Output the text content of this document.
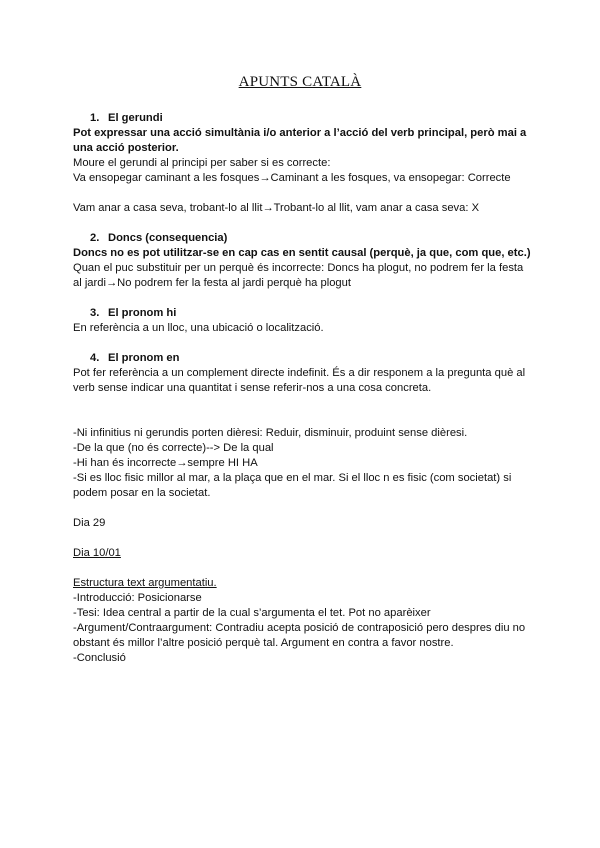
APUNTS CATALÀ

1. El gerundi

Pot expressar una acció simultània i/o anterior a l’acció del verb principal, però mai a una acció posterior.

Moure el gerundi al principi per saber si es correcte:

Va ensopegar caminant a les fosques→Caminant a les fosques, va ensopegar: Correcte

Vam anar a casa seva, trobant-lo al llit→Trobant-lo al llit, vam anar a casa seva: X

2. Doncs (consequencia)

Doncs no es pot utilitzar-se en cap cas en sentit causal (perquè, ja que, com que, etc.)

Quan el puc substituir per un perquè és incorrecte: Doncs ha plogut, no podrem fer la festa al jardi→No podrem fer la festa al jardi perquè ha plogut

3. El pronom hi

En referència a un lloc, una ubicació o localització.

4. El pronom en

Pot fer referència a un complement directe indefinit. És a dir responem a la pregunta què al verb sense indicar una quantitat i sense referir-nos a una cosa concreta.

-Ni infinitius ni gerundis porten dièresi: Reduir, disminuir, produint sense dièresi.

-De la que (no és correcte)--> De la qual

-Hi han és incorrecte→sempre HI HA

-Si es lloc fisic millor al mar, a la plaça que en el mar. Si el lloc n es fisic (com societat) si podem posar en la societat.

Dia 29

Dia 10/01

Estructura text argumentatiu.

-Introducció: Posicionarse

-Tesi: Idea central a partir de la cual s’argumenta el tet. Pot no aparèixer

-Argument/Contraargument: Contradiu acepta posició de contraposició pero despres diu no obstant és millor l’altre posició perquè tal. Argument en contra a favor nostre.

-Conclusió
